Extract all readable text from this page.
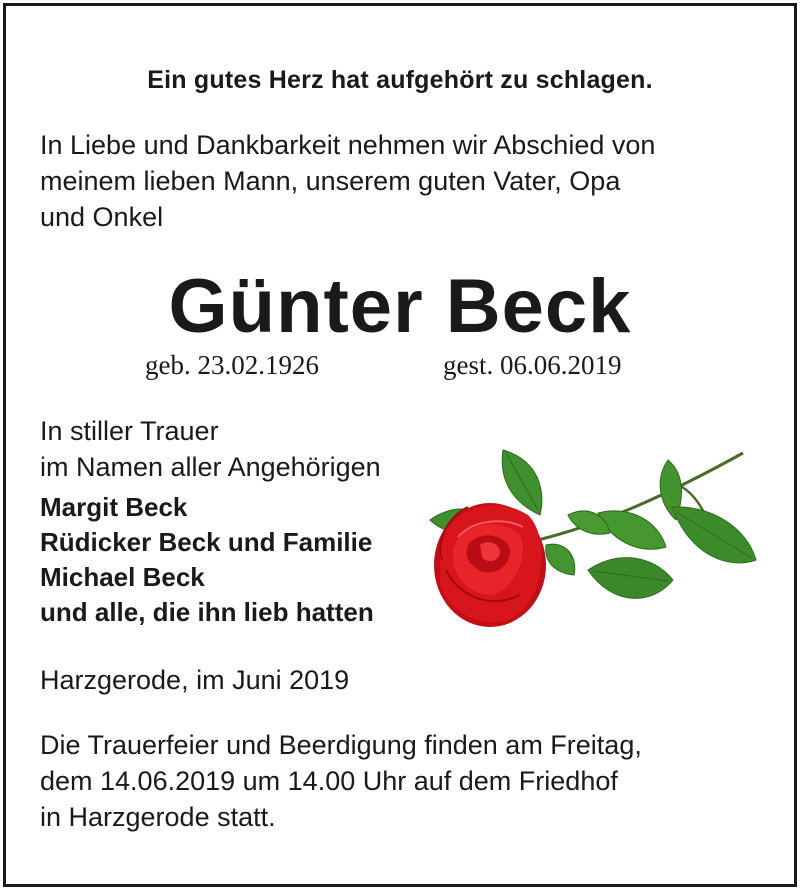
Ein gutes Herz hat aufgehört zu schlagen.
In Liebe und Dankbarkeit nehmen wir Abschied von
meinem lieben Mann, unserem guten Vater, Opa
und Onkel
Günter Beck
geb. 23.02.1926	gest. 06.06.2019
In stiller Trauer
im Namen aller Angehörigen
Margit Beck
Rüdicker Beck und Familie
Michael Beck
und alle, die ihn lieb hatten
Harzgerode, im Juni 2019
Die Trauerfeier und Beerdigung finden am Freitag,
dem 14.06.2019 um 14.00 Uhr auf dem Friedhof
in Harzgerode statt.
